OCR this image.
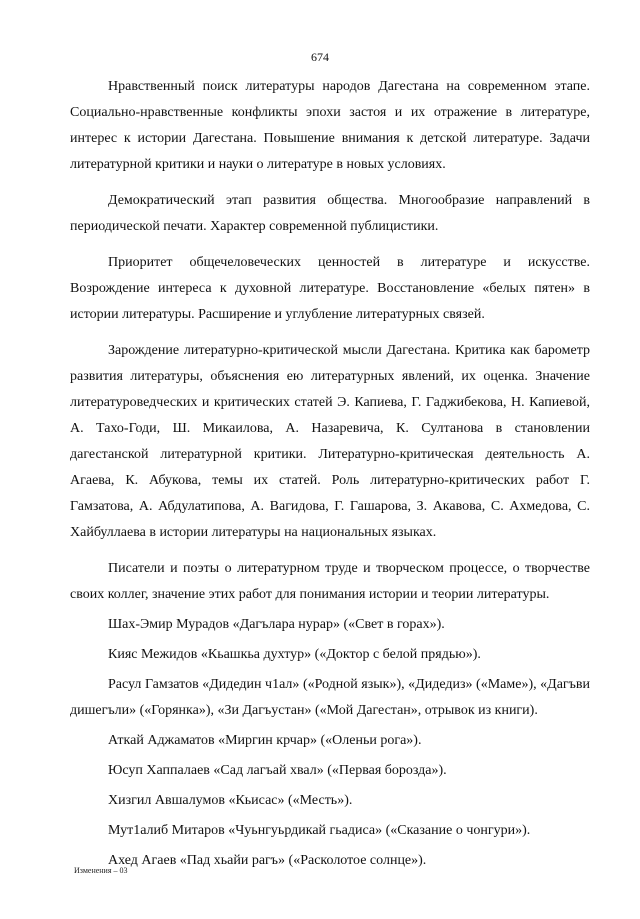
674

Нравственный поиск литературы народов Дагестана на современном этапе. Социально-нравственные конфликты эпохи застоя и их отражение в литературе, интерес к истории Дагестана. Повышение внимания к детской литературе. Задачи литературной критики и науки о литературе в новых условиях.

Демократический этап развития общества. Многообразие направлений в периодической печати. Характер современной публицистики.

Приоритет общечеловеческих ценностей в литературе и искусстве. Возрождение интереса к духовной литературе. Восстановление «белых пятен» в истории литературы. Расширение и углубление литературных связей.

Зарождение литературно-критической мысли Дагестана. Критика как барометр развития литературы, объяснения ею литературных явлений, их оценка. Значение литературоведческих и критических статей Э. Капиева, Г. Гаджибекова, Н. Капиевой, А. Тахо-Годи, Ш. Микаилова, А. Назаревича, К. Султанова в становлении дагестанской литературной критики. Литературно-критическая деятельность А. Агаева, К. Абукова, темы их статей. Роль литературно-критических работ Г. Гамзатова, А. Абдулатипова, А. Вагидова, Г. Гашарова, З. Акавова, С. Ахмедова, С. Хайбуллаева в истории литературы на национальных языках.

Писатели и поэты о литературном труде и творческом процессе, о творчестве своих коллег, значение этих работ для понимания истории и теории литературы.

Шах-Эмир Мурадов «Дагълара нурар» («Свет в горах»).

Кияс Межидов «Кьашкьа духтур» («Доктор с белой прядью»).

Расул Гамзатов «Дидедин ч1ал» («Родной язык»), «Дидедиз» («Маме»), «Дагъви дишегъли» («Горянка»), «Зи Дагъустан» («Мой Дагестан», отрывок из книги).

Аткай Аджаматов «Миргин крчар» («Оленьи рога»).

Юсуп Хаппалаев «Сад лагъай хвал» («Первая борозда»).

Хизгил Авшалумов «Кьисас» («Месть»).

Мут1алиб Митаров «Чуьнгуьрдикай гьадиса» («Сказание о чонгури»).

Ахед Агаев «Пад хьайи рагъ» («Расколотое солнце»).

Изменения – 03
